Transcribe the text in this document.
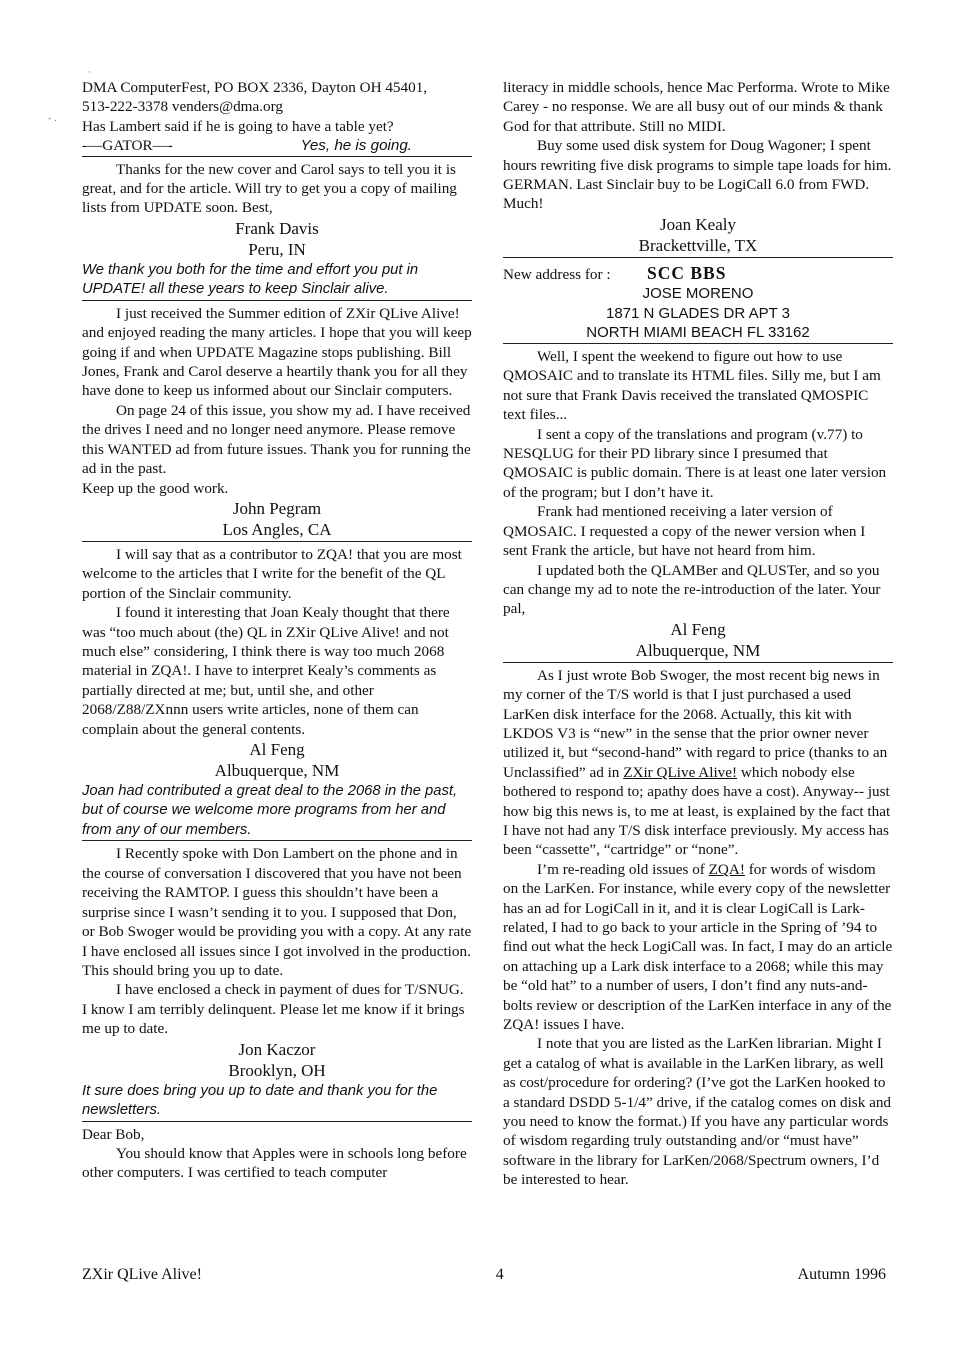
·
- .

DMA ComputerFest, PO BOX 2336, Dayton OH 45401,

513-222-3378 venders@dma.org

Has Lambert said if he is going to have a table yet?

-—GATOR—-	Yes, he is going.

Thanks for the new cover and Carol says to tell you it is great, and for the article. Will try to get you a copy of mailing lists from UPDATE soon. Best,

Frank Davis

Peru, IN

We thank you both for the time and effort you put in UPDATE! all these years to keep Sinclair alive.

I just received the Summer edition of ZXir QLive Alive! and enjoyed reading the many articles. I hope that you will keep going if and when UPDATE Magazine stops publishing. Bill Jones, Frank and Carol deserve a heartily thank you for all they have done to keep us informed about our Sinclair computers.

On page 24 of this issue, you show my ad. I have received the drives I need and no longer need anymore. Please remove this WANTED ad from future issues. Thank you for running the ad in the past.

Keep up the good work.

John Pegram

Los Angles, CA

I will say that as a contributor to ZQA! that you are most welcome to the articles that I write for the benefit of the QL portion of the Sinclair community.

I found it interesting that Joan Kealy thought that there was “too much about (the) QL in ZXir QLive Alive! and not much else” considering, I think there is way too much 2068 material in ZQA!. I have to interpret Kealy’s comments as partially directed at me; but, until she, and other 2068/Z88/ZXnnn users write articles, none of them can complain about the general contents.

Al Feng

Albuquerque, NM

Joan had contributed a great deal to the 2068 in the past, but of course we welcome more programs from her and from any of our members.

I Recently spoke with Don Lambert on the phone and in the course of conversation I discovered that you have not been receiving the RAMTOP. I guess this shouldn’t have been a surprise since I wasn’t sending it to you. I supposed that Don, or Bob Swoger would be providing you with a copy. At any rate I have enclosed all issues since I got involved in the production. This should bring you up to date.

I have enclosed a check in payment of dues for T/SNUG. I know I am terribly delinquent. Please let me know if it brings me up to date.

Jon Kaczor

Brooklyn, OH

It sure does bring you up to date and thank you for the newsletters.

Dear Bob,

You should know that Apples were in schools long before other computers. I was certified to teach computer

literacy in middle schools, hence Mac Performa. Wrote to Mike Carey - no response. We are all busy out of our minds & thank God for that attribute. Still no MIDI.

Buy some used disk system for Doug Wagoner; I spent hours rewriting five disk programs to simple tape loads for him. GERMAN. Last Sinclair buy to be LogiCall 6.0 from FWD. Much!

Joan Kealy

Brackettville, TX

New address for :	SCC BBS

JOSE MORENO

1871 N GLADES DR APT 3

NORTH MIAMI BEACH FL 33162

Well, I spent the weekend to figure out how to use QMOSAIC and to translate its HTML files. Silly me, but I am not sure that Frank Davis received the translated QMOSPIC text files...

I sent a copy of the translations and program (v.77) to NESQLUG for their PD library since I presumed that QMOSAIC is public domain. There is at least one later version of the program; but I don’t have it.

Frank had mentioned receiving a later version of QMOSAIC. I requested a copy of the newer version when I sent Frank the article, but have not heard from him.

I updated both the QLAMBer and QLUSTer, and so you can change my ad to note the re-introduction of the later. Your pal,

Al Feng

Albuquerque, NM

As I just wrote Bob Swoger, the most recent big news in my corner of the T/S world is that I just purchased a used LarKen disk interface for the 2068. Actually, this kit with LKDOS V3 is “new” in the sense that the prior owner never utilized it, but “second-hand” with regard to price (thanks to an Unclassified” ad in ZXir QLive Alive! which nobody else bothered to respond to; apathy does have a cost). Anyway-- just how big this news is, to me at least, is explained by the fact that I have not had any T/S disk interface previously. My access has been “cassette”, “cartridge” or “none”.

I’m re-reading old issues of ZQA! for words of wisdom on the LarKen. For instance, while every copy of the newsletter has an ad for LogiCall in it, and it is clear LogiCall is Lark-related, I had to go back to your article in the Spring of ’94 to find out what the heck LogiCall was. In fact, I may do an article on attaching up a Lark disk interface to a 2068; while this may be “old hat” to a number of users, I don’t find any nuts-and-bolts review or description of the LarKen interface in any of the ZQA! issues I have.

I note that you are listed as the LarKen librarian. Might I get a catalog of what is available in the LarKen library, as well as cost/procedure for ordering? (I’ve got the LarKen hooked to a standard DSDD 5-1/4” drive, if the catalog comes on disk and you need to know the format.) If you have any particular words of wisdom regarding truly outstanding and/or “must have” software in the library for LarKen/2068/Spectrum owners, I’d be interested to hear.

ZXir QLive Alive!	4	Autumn 1996
